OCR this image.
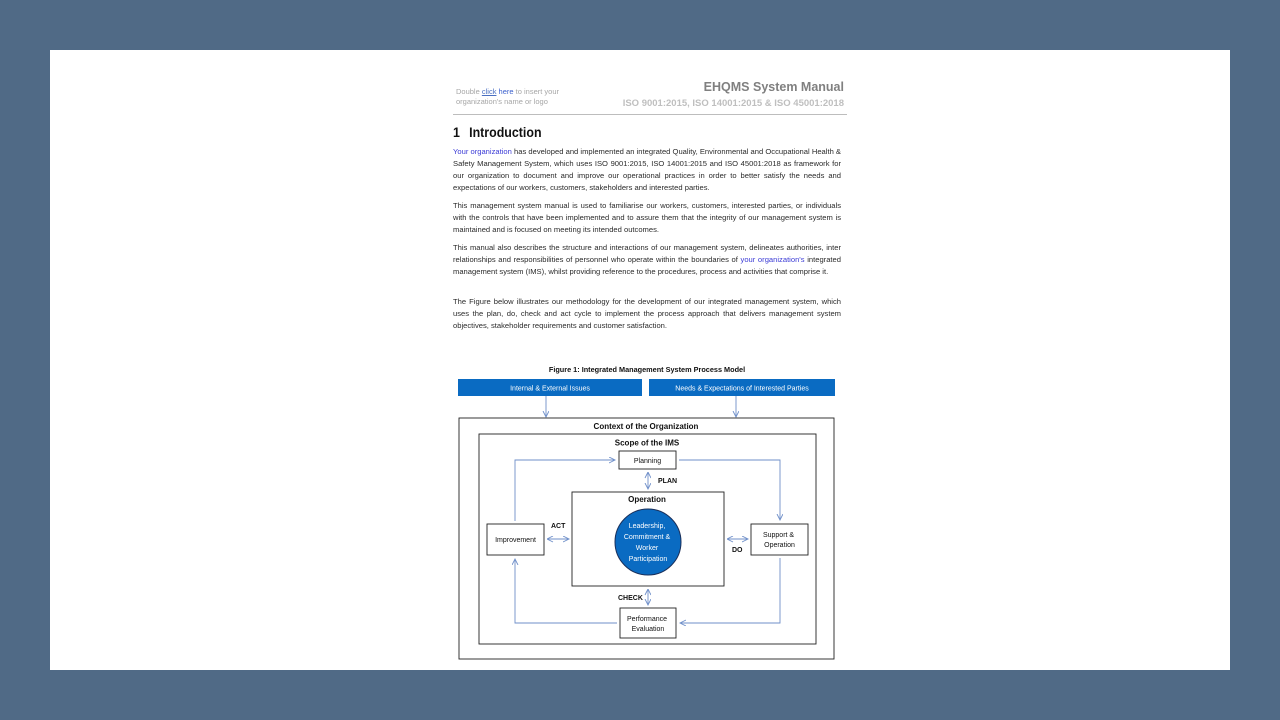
Double click here to insert your organization's name or logo
EHQMS System Manual
ISO 9001:2015, ISO 14001:2015 & ISO 45001:2018
1 Introduction

Your organization has developed and implemented an integrated Quality, Environmental and Occupational Health & Safety Management System, which uses ISO 9001:2015, ISO 14001:2015 and ISO 45001:2018 as framework for our organization to document and improve our operational practices in order to better satisfy the needs and expectations of our workers, customers, stakeholders and interested parties.

This management system manual is used to familiarise our workers, customers, interested parties, or individuals with the controls that have been implemented and to assure them that the integrity of our management system is maintained and is focused on meeting its intended outcomes.

This manual also describes the structure and interactions of our management system, delineates authorities, inter relationships and responsibilities of personnel who operate within the boundaries of your organization's integrated management system (IMS), whilst providing reference to the procedures, process and activities that comprise it.

The Figure below illustrates our methodology for the development of our integrated management system, which uses the plan, do, check and act cycle to implement the process approach that delivers management system objectives, stakeholder requirements and customer satisfaction.

Figure 1: Integrated Management System Process Model
Internal & External Issues	Needs & Expectations of Interested Parties
Context of the Organization
Scope of the IMS
Planning
Operation
Leadership, Commitment & Worker Participation
Improvement
Support & Operation
Performance Evaluation
PLAN
DO
CHECK
ACT
